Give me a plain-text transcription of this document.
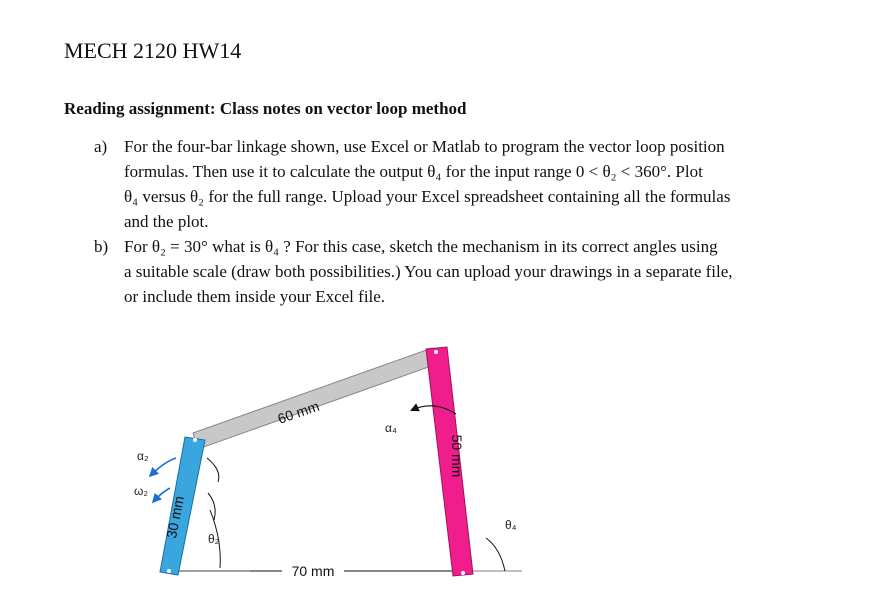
MECH 2120 HW14
Reading assignment: Class notes on vector loop method
a) For the four-bar linkage shown, use Excel or Matlab to program the vector loop position
formulas. Then use it to calculate the output θ₄ for the input range 0 < θ₂ < 360°. Plot
θ₄ versus θ₂ for the full range. Upload your Excel spreadsheet containing all the formulas
and the plot.
b) For θ₂ = 30° what is θ₄ ? For this case, sketch the mechanism in its correct angles using
a suitable scale (draw both possibilities.) You can upload your drawings in a separate file,
or include them inside your Excel file.
70 mm
60 mm
30 mm
50 mm
θ₂
α₂
ω₂
α₄
θ₄
